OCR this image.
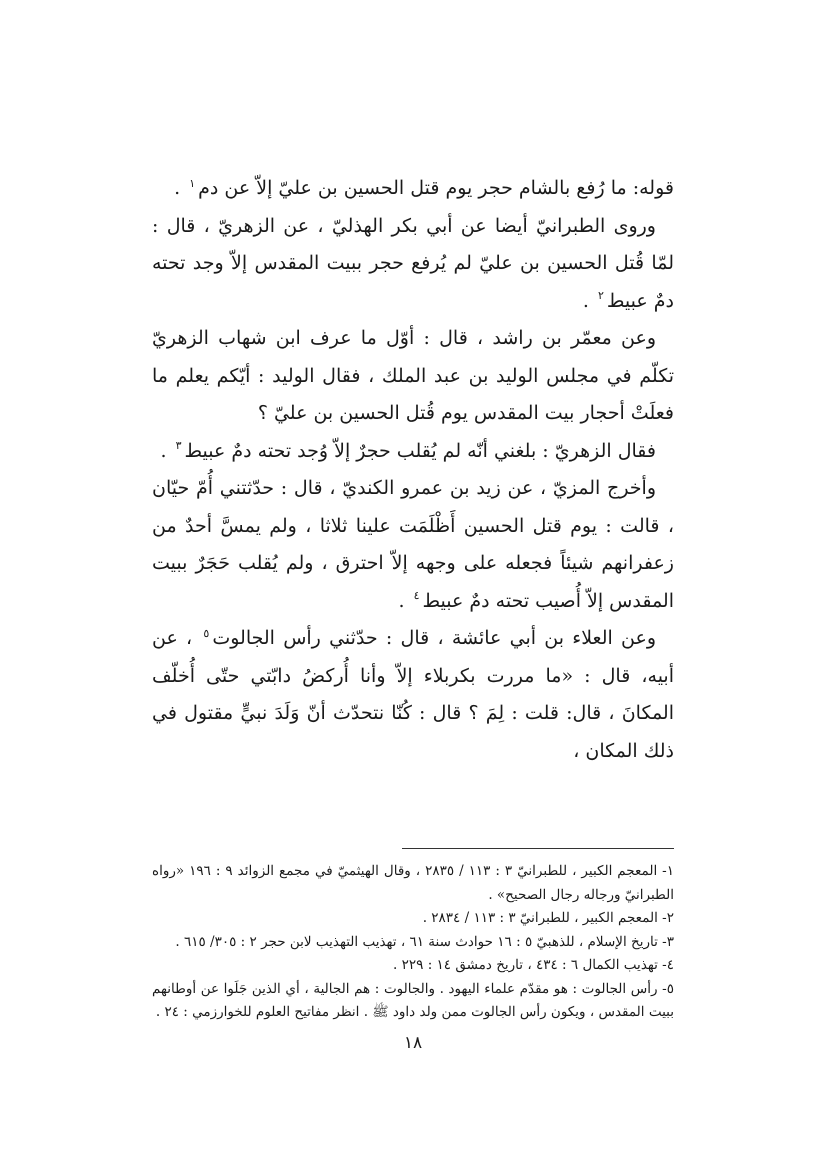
قوله: ما رُفع بالشام حجر يوم قتل الحسين بن عليّ إلاّ عن دم$^١$ .

وروى الطبرانيّ أيضا عن أبي بكر الهذليّ ، عن الزهريّ ، قال : لمّا قُتل الحسين بن عليّ لم يُرفع حجر ببيت المقدس إلاّ وجد تحته دمٌ عبيط$^٢$ .

وعن معمّر بن راشد ، قال : أوّل ما عرف ابن شهاب الزهريّ تكلّم في مجلس الوليد بن عبد الملك ، فقال الوليد : أيّكم يعلم ما فعلَتْ أحجار بيت المقدس يوم قُتل الحسين بن عليّ ؟

فقال الزهريّ : بلغني أنّه لم يُقلب حجرٌ إلاّ وُجد تحته دمٌ عبيط$^٣$ .

وأخرج المزيّ ، عن زيد بن عمرو الكنديّ ، قال : حدّثتني أُمّ حيّان ، قالت : يوم قتل الحسين أَظْلَمَت علينا ثلاثا ، ولم يمسَّ أحدٌ من زعفرانهم شيئاً فجعله على وجهه إلاّ احترق ، ولم يُقلب حَجَرٌ ببيت المقدس إلاّ أُصيب تحته دمٌ عبيط$^٤$ .

وعن العلاء بن أبي عائشة ، قال : حدّثني رأس الجالوت$^٥$ ، عن أبيه، قال : «ما مررت بكربلاء إلاّ وأنا أُركضُ دابّتي حتّى أُخلّف المكانَ ، قال: قلت : لِمَ ؟ قال : كُنّا نتحدّث أنّ وَلَدَ نبيٍّ مقتول في ذلك المكان ،

١- المعجم الكبير ، للطبرانيّ ٣ : ١١٣ / ٢٨٣٥ ، وقال الهيثميّ في مجمع الزوائد ٩ : ١٩٦ «رواه الطبرانيّ ورجاله رجال الصحيح» .

٢- المعجم الكبير ، للطبرانيّ ٣ : ١١٣ / ٢٨٣٤ .

٣- تاريخ الإسلام ، للذهبيّ ٥ : ١٦ حوادث سنة ٦١ ، تهذيب التهذيب لابن حجر ٢ : ٣٠٥/ ٦١٥ .

٤- تهذيب الكمال ٦ : ٤٣٤ ، تاريخ دمشق ١٤ : ٢٢٩ .

٥- رأس الجالوت : هو مقدّم علماء اليهود . والجالوت : هم الجالية ، أي الذين جَلَوا عن أوطانهم ببيت المقدس ، ويكون رأس الجالوت ممن ولد داود ﷺ . انظر مفاتيح العلوم للخوارزمي : ٢٤ .

١٨
